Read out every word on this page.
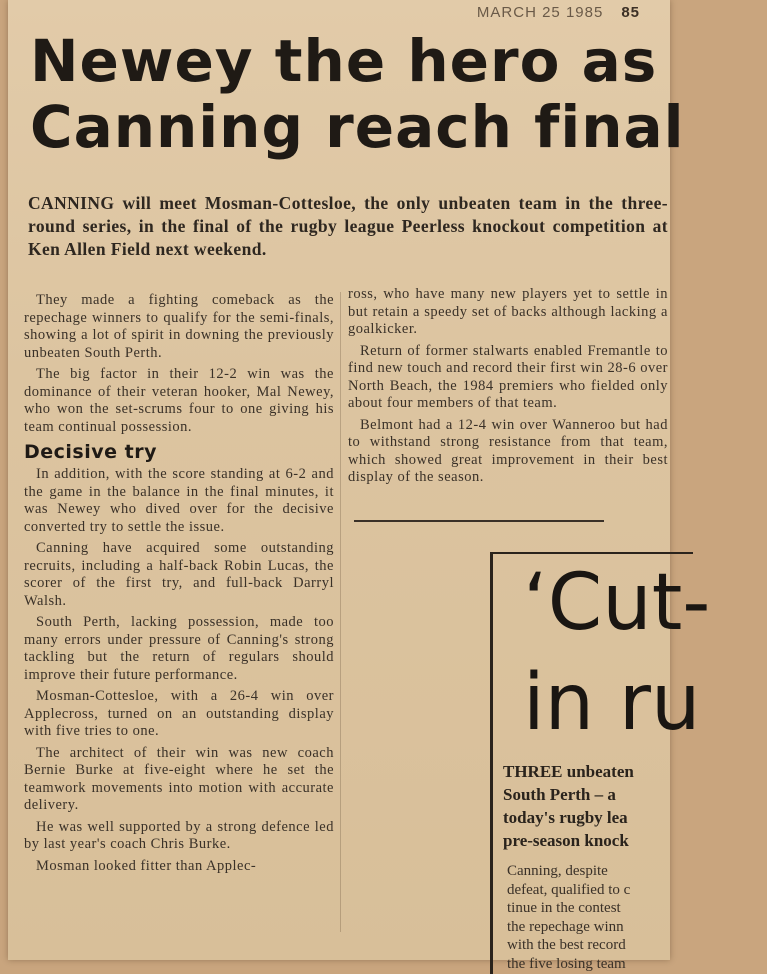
MARCH 25 1985 85
Newey the hero as
Canning reach final
CANNING will meet Mosman-Cottesloe, the only unbeaten team in the three-round series, in the final of the rugby league Peerless knockout competition at Ken Allen Field next weekend.

They made a fighting comeback as the repechage winners to qualify for the semi-finals, showing a lot of spirit in downing the previously unbeaten South Perth.

The big factor in their 12-2 win was the dominance of their veteran hooker, Mal Newey, who won the set-scrums four to one giving his team continual possession.

Decisive try

In addition, with the score standing at 6-2 and the game in the balance in the final minutes, it was Newey who dived over for the decisive converted try to settle the issue.

Canning have acquired some outstanding recruits, including a half-back Robin Lucas, the scorer of the first try, and full-back Darryl Walsh.

South Perth, lacking possession, made too many errors under pressure of Canning's strong tackling but the return of regulars should improve their future performance.

Mosman-Cottesloe, with a 26-4 win over Applecross, turned on an outstanding display with five tries to one.

The architect of their win was new coach Bernie Burke at five-eight where he set the teamwork movements into motion with accurate delivery.

He was well supported by a strong defence led by last year's coach Chris Burke.

Mosman looked fitter than Applec-

ross, who have many new players yet to settle in but retain a speedy set of backs although lacking a goalkicker.

Return of former stalwarts enabled Fremantle to find new touch and record their first win 28-6 over North Beach, the 1984 premiers who fielded only about four members of that team.

Belmont had a 12-4 win over Wanneroo but had to withstand strong resistance from that team, which showed great improvement in their best display of the season.

‘Cut-
in ru
THREE unbeaten
South Perth – a
today's rugby lea
pre-season knock
Canning, despite
defeat, qualified to c
tinue in the contest
the repechage winn
with the best record
the five losing team
